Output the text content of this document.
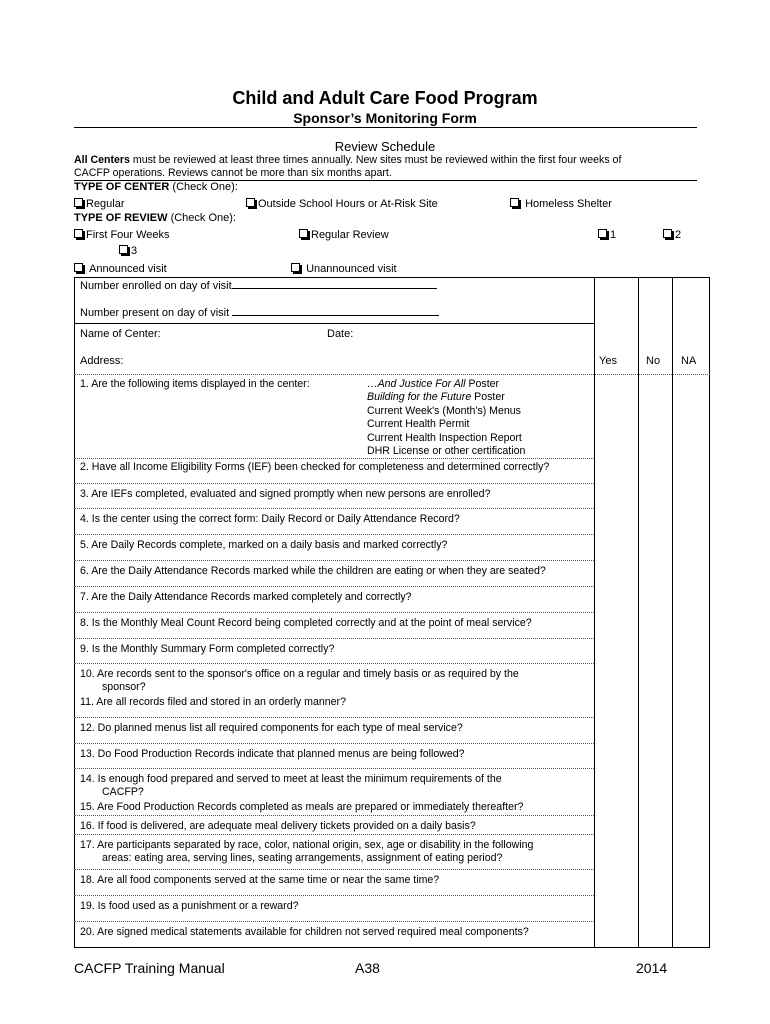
Child and Adult Care Food Program
Sponsor’s Monitoring Form
Review Schedule
All Centers must be reviewed at least three times annually. New sites must be reviewed within the first four weeks of
CACFP operations. Reviews cannot be more than six months apart.
TYPE OF CENTER (Check One):
Regular	Outside School Hours or At-Risk Site	Homeless Shelter
TYPE OF REVIEW (Check One):
First Four Weeks	Regular Review	1	2
3
Announced visit	Unannounced visit
Number enrolled on day of visit
Number present on day of visit
Name of Center:	Date:
Address:	Yes	No NA
1. Are the following items displayed in the center:	…And Justice For All Poster
Building for the Future Poster
Current Week's (Month's) Menus
Current Health Permit
Current Health Inspection Report
DHR License or other certification
2. Have all Income Eligibility Forms (IEF) been checked for completeness and determined correctly?
3. Are IEFs completed, evaluated and signed promptly when new persons are enrolled?
4. Is the center using the correct form: Daily Record or Daily Attendance Record?
5. Are Daily Records complete, marked on a daily basis and marked correctly?
6. Are the Daily Attendance Records marked while the children are eating or when they are seated?
7. Are the Daily Attendance Records marked completely and correctly?
8. Is the Monthly Meal Count Record being completed correctly and at the point of meal service?
9. Is the Monthly Summary Form completed correctly?
10. Are records sent to the sponsor's office on a regular and timely basis or as required by the
sponsor?
11. Are all records filed and stored in an orderly manner?
12. Do planned menus list all required components for each type of meal service?
13. Do Food Production Records indicate that planned menus are being followed?
14. Is enough food prepared and served to meet at least the minimum requirements of the
CACFP?
15. Are Food Production Records completed as meals are prepared or immediately thereafter?
16. If food is delivered, are adequate meal delivery tickets provided on a daily basis?
17. Are participants separated by race, color, national origin, sex, age or disability in the following
areas: eating area, serving lines, seating arrangements, assignment of eating period?
18. Are all food components served at the same time or near the same time?
19. Is food used as a punishment or a reward?
20. Are signed medical statements available for children not served required meal components?
CACFP Training Manual	A38	2014
